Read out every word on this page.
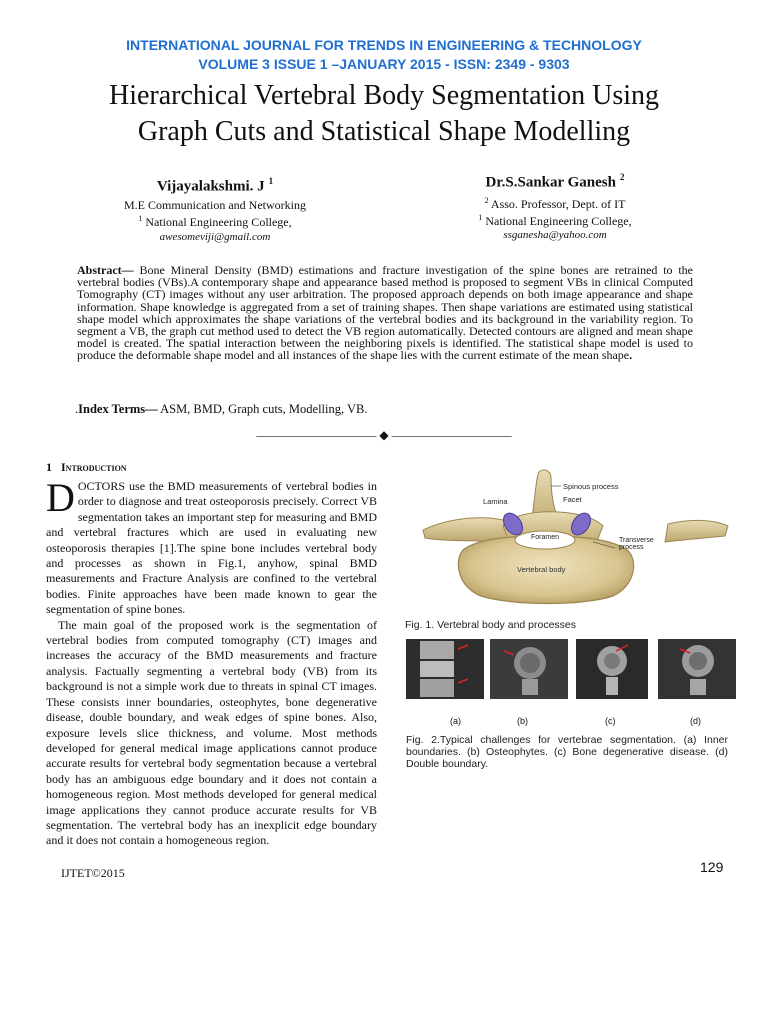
INTERNATIONAL JOURNAL FOR TRENDS IN ENGINEERING & TECHNOLOGY
VOLUME 3 ISSUE 1 –JANUARY 2015 - ISSN: 2349 - 9303
Hierarchical Vertebral Body Segmentation Using
Graph Cuts and Statistical Shape Modelling
Vijayalakshmi. J $^1$
M.E Communication and Networking
$^1$ National Engineering College,
awesomeviji@gmail.com
Dr.S.Sankar Ganesh $^2$
$^2$ Asso. Professor, Dept. of IT
$^1$ National Engineering College,
ssganesha@yahoo.com
Abstract— Bone Mineral Density (BMD) estimations and fracture investigation of the spine bones are retrained to the vertebral bodies (VBs).A contemporary shape and appearance based method is proposed to segment VBs in clinical Computed Tomography (CT) images without any user arbitration. The proposed approach depends on both image appearance and shape information. Shape knowledge is aggregated from a set of training shapes. Then shape variations are estimated using statistical shape model which approximates the shape variations of the vertebral bodies and its background in the variability region. To segment a VB, the graph cut method used to detect the VB region automatically. Detected contours are aligned and mean shape model is created. The spatial interaction between the neighboring pixels is identified. The statistical shape model is used to produce the deformable shape model and all instances of the shape lies with the current estimate of the mean shape.
.Index Terms— ASM, BMD, Graph cuts, Modelling, VB.
—————————— ◆ ——————————
1 Introduction
DOCTORS use the BMD measurements of vertebral bodies in order to diagnose and treat osteoporosis precisely. Correct VB segmentation takes an important step for measuring and BMD and vertebral fractures which are used in evaluating new osteoporosis therapies [1].The spine bone includes vertebral body and processes as shown in Fig.1, anyhow, spinal BMD measurements and Fracture Analysis are confined to the vertebral bodies. Finite approaches have been made known to gear the segmentation of spine bones.
The main goal of the proposed work is the segmentation of vertebral bodies from computed tomography (CT) images and increases the accuracy of the BMD measurements and fracture analysis. Factually segmenting a vertebral body (VB) from its background is not a simple work due to threats in spinal CT images. These consists inner boundaries, osteophytes, bone degenerative disease, double boundary, and weak edges of spine bones. Also, exposure levels slice thickness, and volume. Most methods developed for general medical image applications cannot produce accurate results for vertebral body segmentation because a vertebral body has an ambiguous edge boundary and it does not contain a homogeneous region. Most methods developed for general medical image applications they cannot produce accurate results for VB segmentation. The vertebral body has an inexplicit edge boundary and it does not contain a homogeneous region.
Spinous process
Lamina	Facet
Foramen	Transverse
process
Vertebral body
Fig. 1. Vertebral body and processes
(a)	(b)	(c)	(d)
Fig. 2.Typical challenges for vertebrae segmentation. (a) Inner boundaries. (b) Osteophytes. (c) Bone degenerative disease. (d) Double boundary.
IJTET©2015	129
